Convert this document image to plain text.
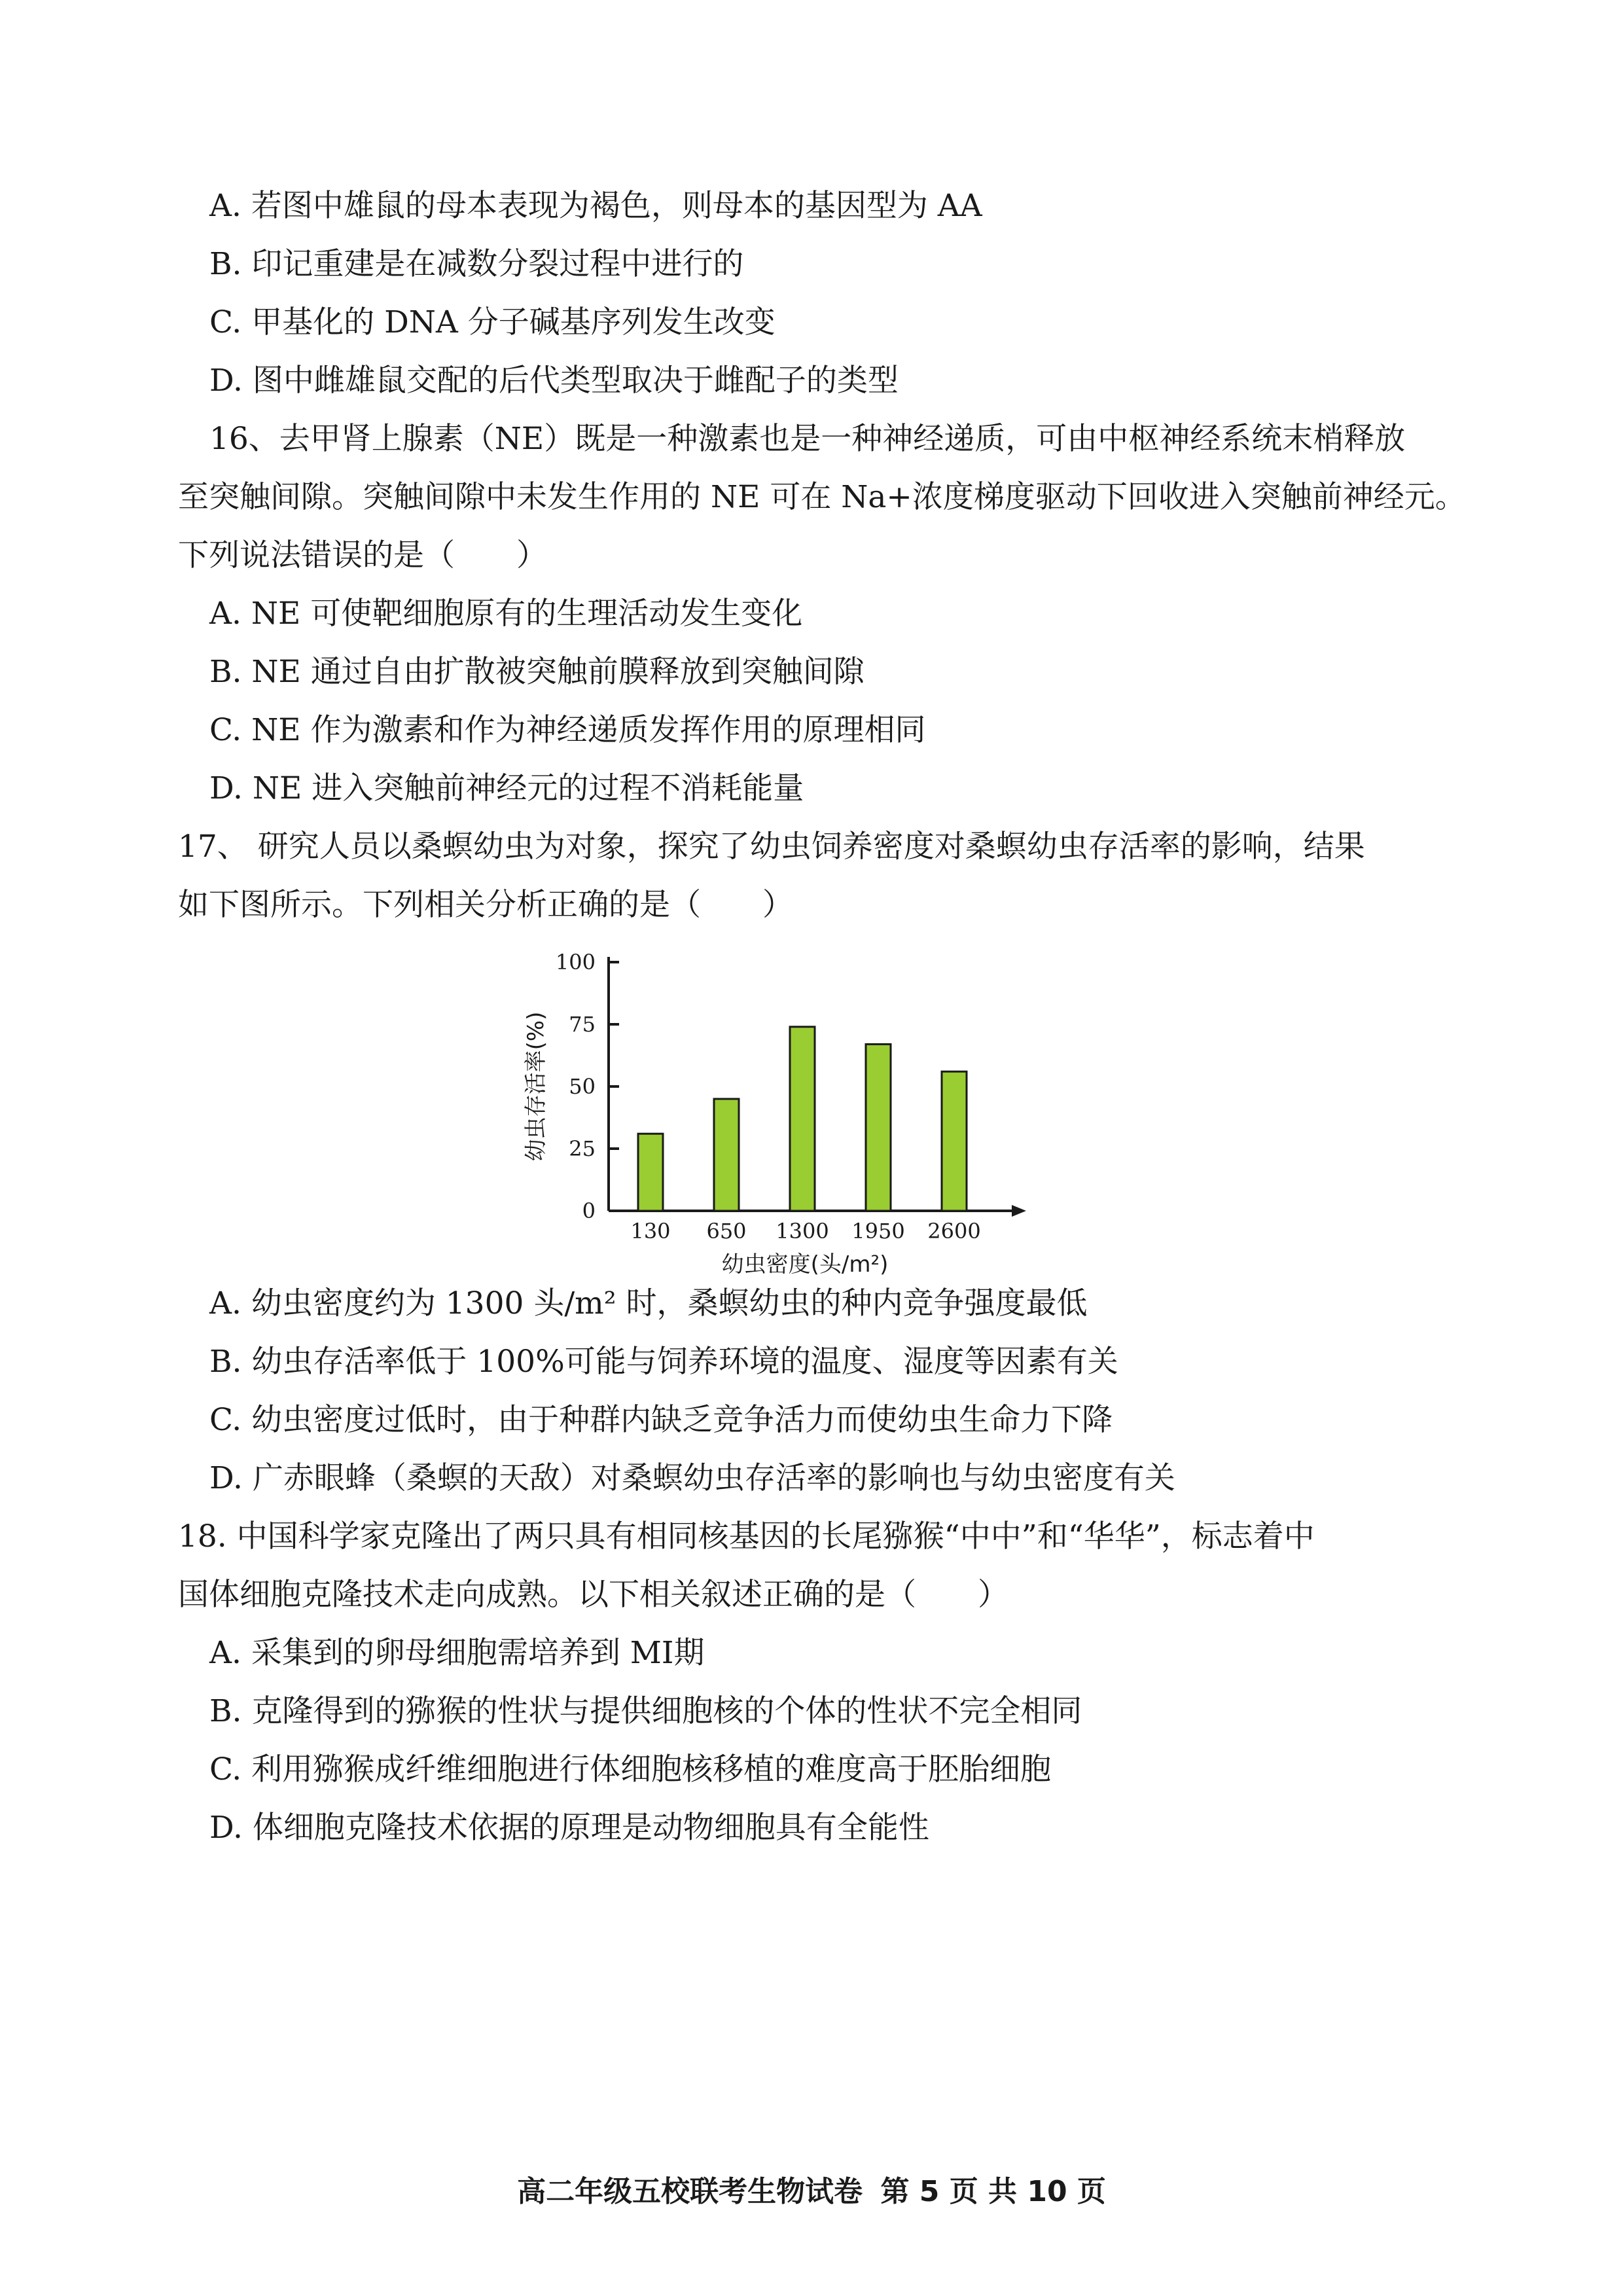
A. 若图中雄鼠的母本表现为褐色，则母本的基因型为 AA
B. 印记重建是在减数分裂过程中进行的
C. 甲基化的 DNA 分子碱基序列发生改变
D. 图中雌雄鼠交配的后代类型取决于雌配子的类型
16、去甲肾上腺素（NE）既是一种激素也是一种神经递质，可由中枢神经系统末梢释放
至突触间隙。突触间隙中未发生作用的 NE 可在 Na+浓度梯度驱动下回收进入突触前神经元。
下列说法错误的是（　　）
A. NE 可使靶细胞原有的生理活动发生变化
B. NE 通过自由扩散被突触前膜释放到突触间隙
C. NE 作为激素和作为神经递质发挥作用的原理相同
D. NE 进入突触前神经元的过程不消耗能量
17、 研究人员以桑螟幼虫为对象，探究了幼虫饲养密度对桑螟幼虫存活率的影响，结果
如下图所示。下列相关分析正确的是（　　）
0
25
50
75
100
130 650 1300 1950 2600
幼虫存活率(%)
幼虫密度(头/m²)
A. 幼虫密度约为 1300 头/m² 时，桑螟幼虫的种内竞争强度最低
B. 幼虫存活率低于 100%可能与饲养环境的温度、湿度等因素有关
C. 幼虫密度过低时，由于种群内缺乏竞争活力而使幼虫生命力下降
D. 广赤眼蜂（桑螟的天敌）对桑螟幼虫存活率的影响也与幼虫密度有关
18. 中国科学家克隆出了两只具有相同核基因的长尾猕猴“中中”和“华华”，标志着中
国体细胞克隆技术走向成熟。以下相关叙述正确的是（　　）
A. 采集到的卵母细胞需培养到 MⅠ期
B. 克隆得到的猕猴的性状与提供细胞核的个体的性状不完全相同
C. 利用猕猴成纤维细胞进行体细胞核移植的难度高于胚胎细胞
D. 体细胞克隆技术依据的原理是动物细胞具有全能性
高二年级五校联考生物试卷 第 5 页 共 10 页
